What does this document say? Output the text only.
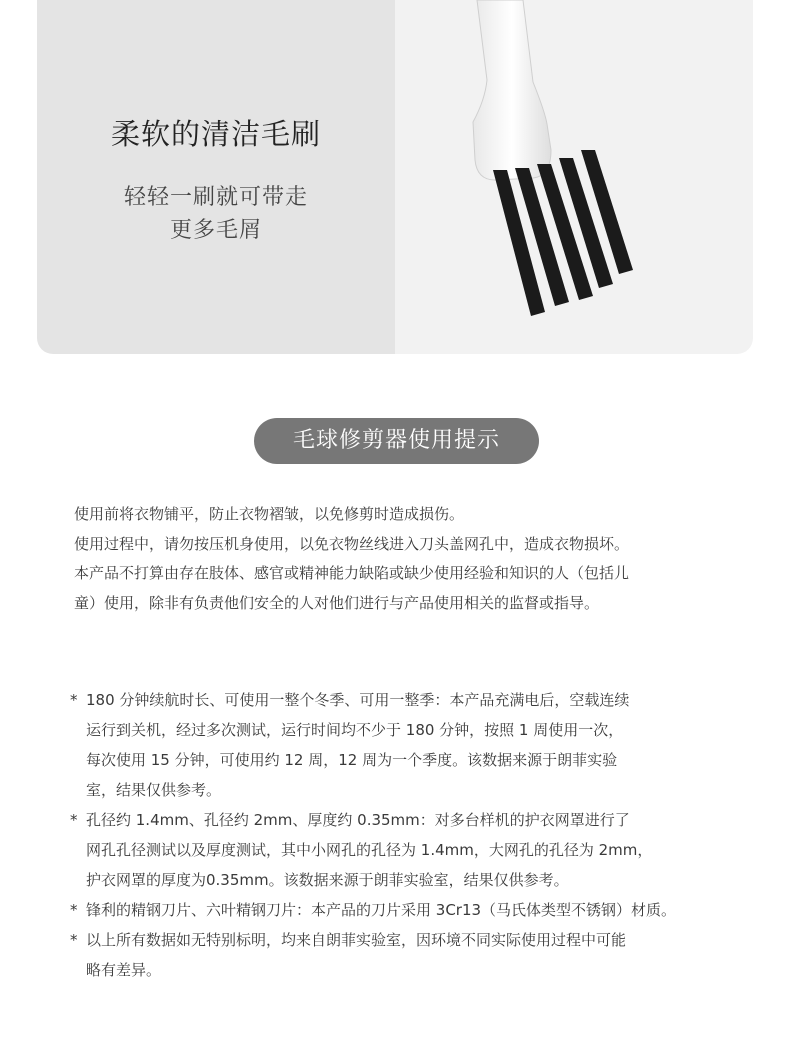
柔软的清洁毛刷
轻轻一刷就可带走
更多毛屑
毛球修剪器使用提示

使用前将衣物铺平，防止衣物褶皱，以免修剪时造成损伤。

使用过程中，请勿按压机身使用，以免衣物丝线进入刀头盖网孔中，造成衣物损坏。

本产品不打算由存在肢体、感官或精神能力缺陷或缺少使用经验和知识的人（包括儿

童）使用，除非有负责他们安全的人对他们进行与产品使用相关的监督或指导。

* 180 分钟续航时长、可使用一整个冬季、可用一整季：本产品充满电后，空载连续
运行到关机，经过多次测试，运行时间均不少于 180 分钟，按照 1 周使用一次，
每次使用 15 分钟，可使用约 12 周，12 周为一个季度。该数据来源于朗菲实验
室，结果仅供参考。
* 孔径约 1.4mm、孔径约 2mm、厚度约 0.35mm：对多台样机的护衣网罩进行了
网孔孔径测试以及厚度测试，其中小网孔的孔径为 1.4mm，大网孔的孔径为 2mm，
护衣网罩的厚度为0.35mm。该数据来源于朗菲实验室，结果仅供参考。
* 锋利的精钢刀片、六叶精钢刀片：本产品的刀片采用 3Cr13（马氏体类型不锈钢）材质。
* 以上所有数据如无特别标明，均来自朗菲实验室，因环境不同实际使用过程中可能
略有差异。
